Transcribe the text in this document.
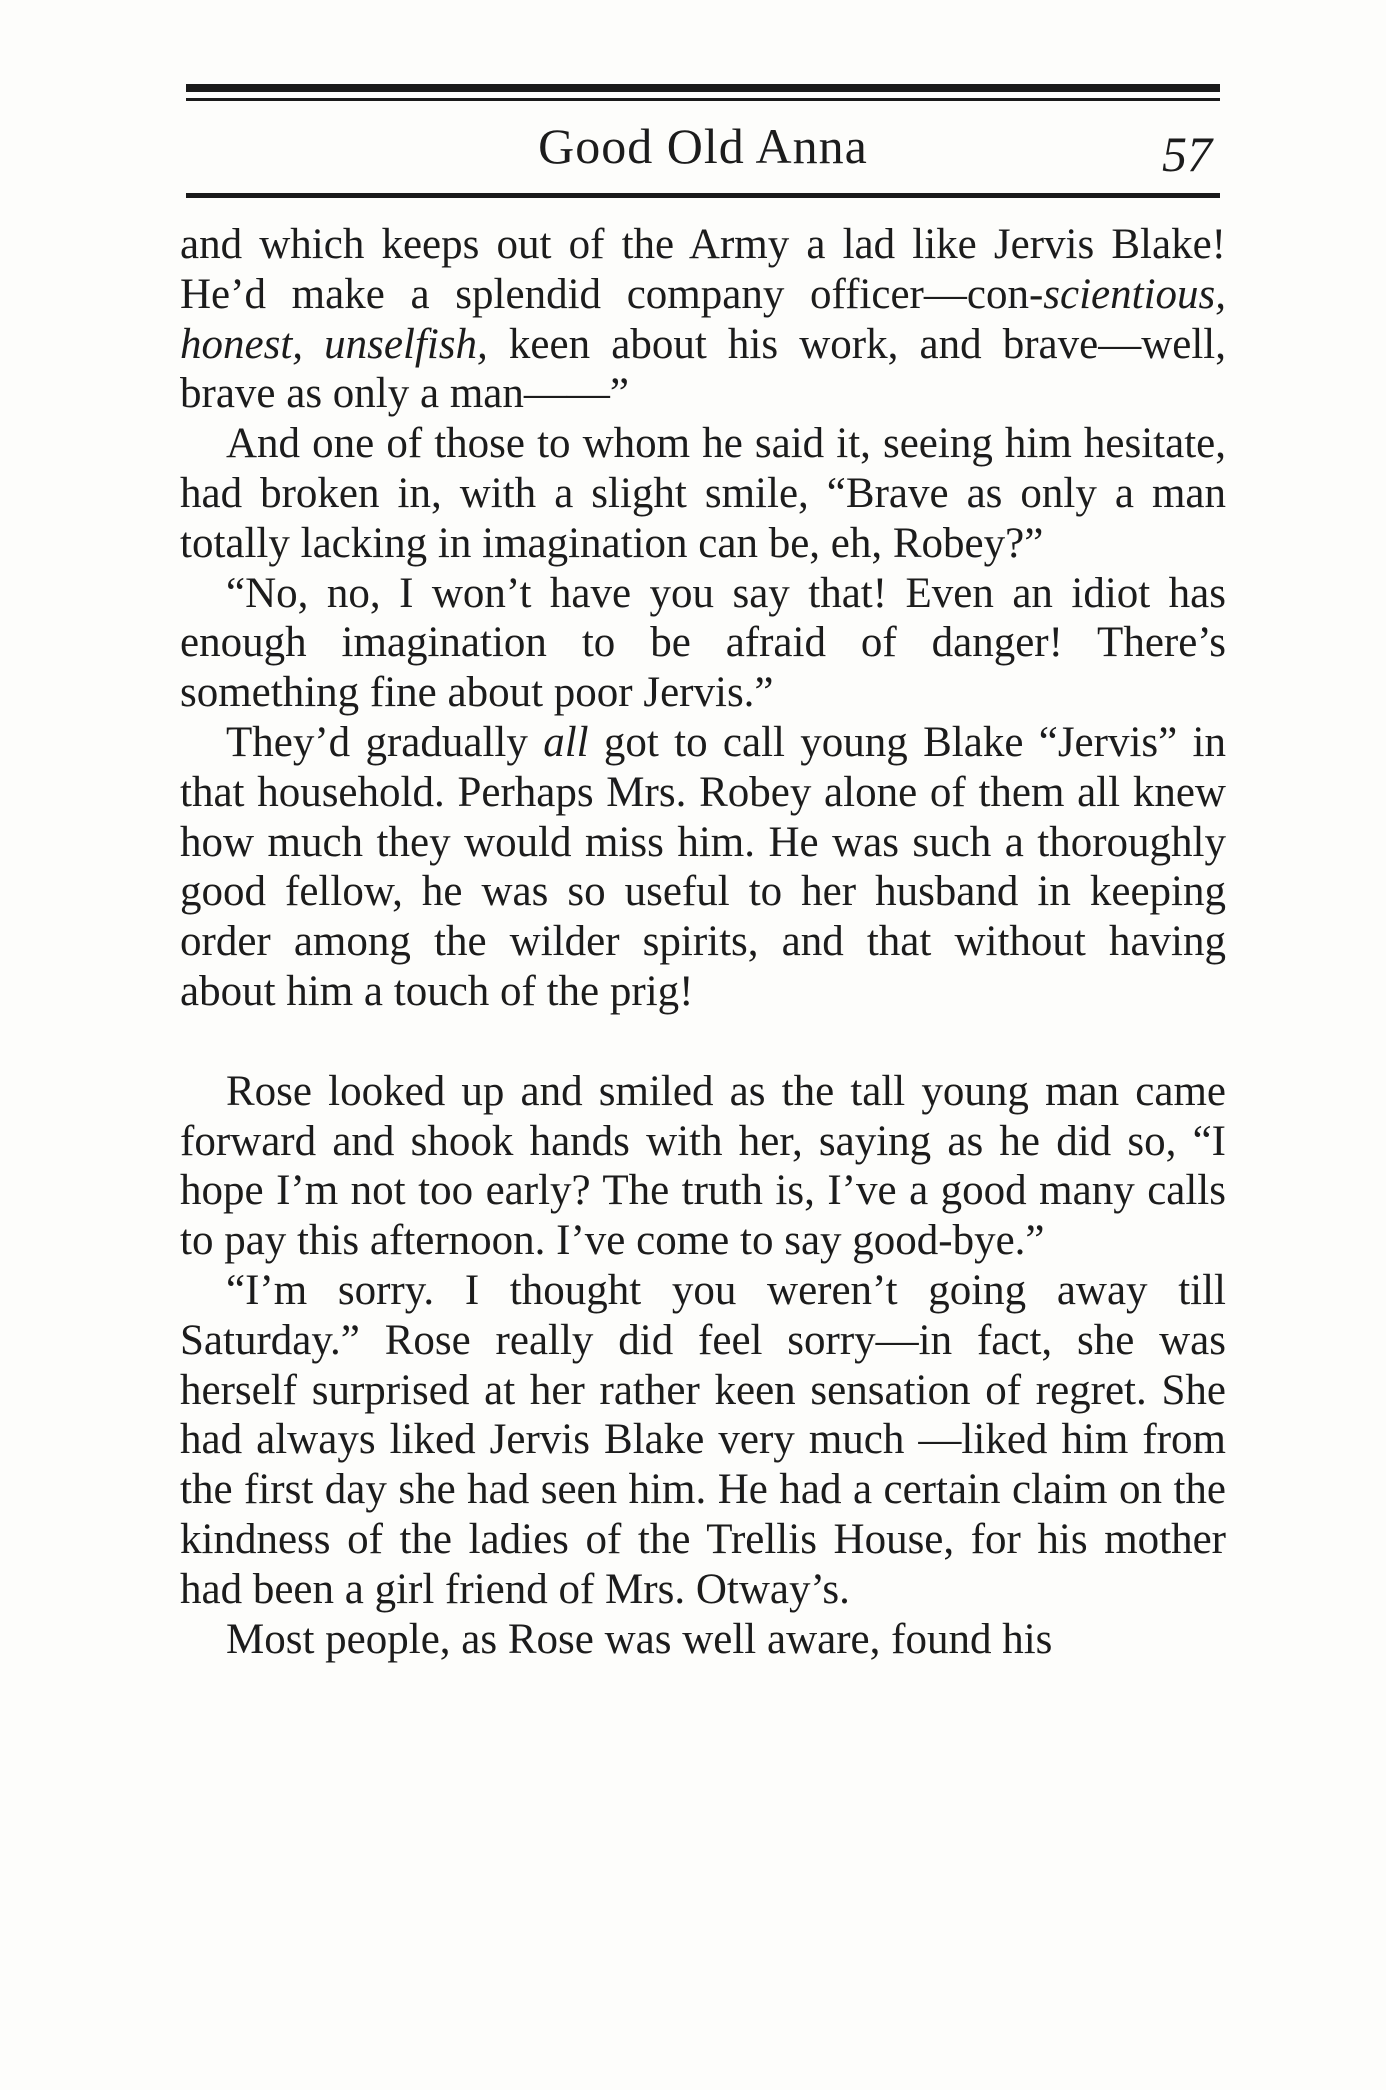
Good Old Anna	57

and which keeps out of the Army a lad like Jervis Blake! He’d make a splendid company officer—con-scientious, honest, unselfish, keen about his work, and brave—well, brave as only a man——”

And one of those to whom he said it, seeing him hesitate, had broken in, with a slight smile, “Brave as only a man totally lacking in imagination can be, eh, Robey?”

“No, no, I won’t have you say that! Even an idiot has enough imagination to be afraid of danger! There’s something fine about poor Jervis.”

They’d gradually all got to call young Blake “Jervis” in that household. Perhaps Mrs. Robey alone of them all knew how much they would miss him. He was such a thoroughly good fellow, he was so useful to her husband in keeping order among the wilder spirits, and that without having about him a touch of the prig!

Rose looked up and smiled as the tall young man came forward and shook hands with her, saying as he did so, “I hope I’m not too early? The truth is, I’ve a good many calls to pay this afternoon. I’ve come to say good-bye.”

“I’m sorry. I thought you weren’t going away till Saturday.” Rose really did feel sorry—in fact, she was herself surprised at her rather keen sensation of regret. She had always liked Jervis Blake very much —liked him from the first day she had seen him. He had a certain claim on the kindness of the ladies of the Trellis House, for his mother had been a girl friend of Mrs. Otway’s.

Most people, as Rose was well aware, found his
